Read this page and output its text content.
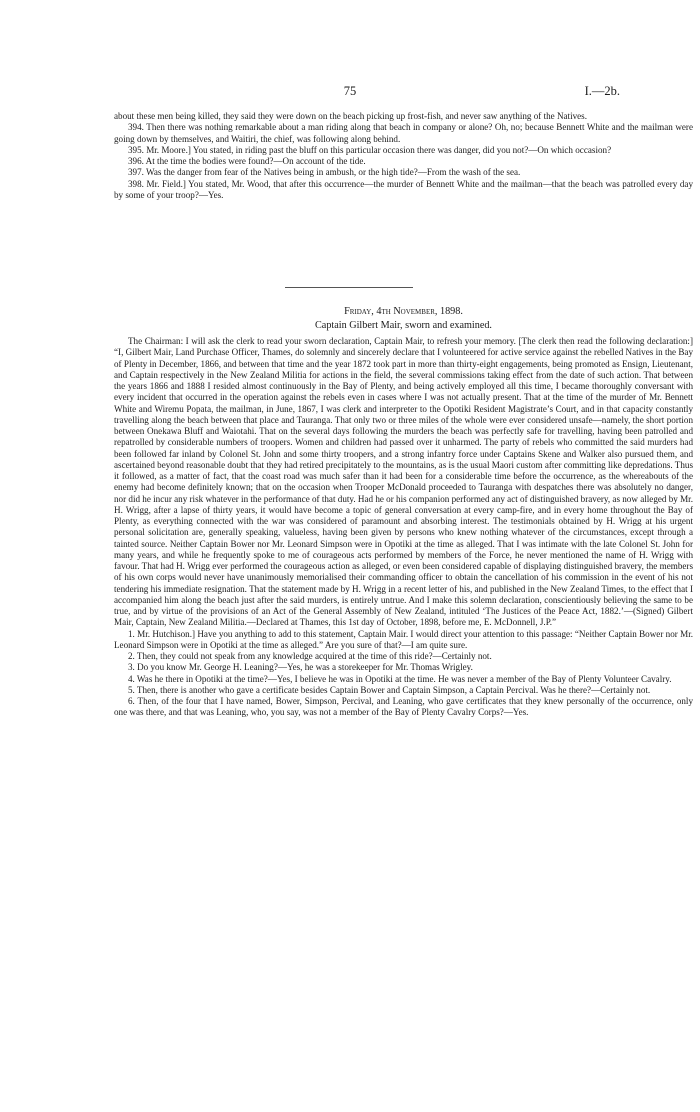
75	I.—2b.

about these men being killed, they said they were down on the beach picking up frost-fish, and never saw anything of the Natives.

394. Then there was nothing remarkable about a man riding along that beach in company or alone? Oh, no; because Bennett White and the mailman were going down by themselves, and Waitiri, the chief, was following along behind.

395. Mr. Moore.] You stated, in riding past the bluff on this particular occasion there was danger, did you not?—On which occasion?

396. At the time the bodies were found?—On account of the tide.

397. Was the danger from fear of the Natives being in ambush, or the high tide?—From the wash of the sea.

398. Mr. Field.] You stated, Mr. Wood, that after this occurrence—the murder of Bennett White and the mailman—that the beach was patrolled every day by some of your troop?—Yes.

Friday, 4th November, 1898.
Captain Gilbert Mair, sworn and examined.

The Chairman: I will ask the clerk to read your sworn declaration, Captain Mair, to refresh your memory. [The clerk then read the following declaration:] “I, Gilbert Mair, Land Purchase Officer, Thames, do solemnly and sincerely declare that I volunteered for active service against the rebelled Natives in the Bay of Plenty in December, 1866, and between that time and the year 1872 took part in more than thirty-eight engagements, being promoted as Ensign, Lieutenant, and Captain respectively in the New Zealand Militia for actions in the field, the several commissions taking effect from the date of such action. That between the years 1866 and 1888 I resided almost continuously in the Bay of Plenty, and being actively employed all this time, I became thoroughly conversant with every incident that occurred in the operation against the rebels even in cases where I was not actually present. That at the time of the murder of Mr. Bennett White and Wiremu Popata, the mailman, in June, 1867, I was clerk and interpreter to the Opotiki Resident Magistrate’s Court, and in that capacity constantly travelling along the beach between that place and Tauranga. That only two or three miles of the whole were ever considered unsafe—namely, the short portion between Onekawa Bluff and Waiotahi. That on the several days following the murders the beach was perfectly safe for travelling, having been patrolled and repatrolled by considerable numbers of troopers. Women and children had passed over it unharmed. The party of rebels who committed the said murders had been followed far inland by Colonel St. John and some thirty troopers, and a strong infantry force under Captains Skene and Walker also pursued them, and ascertained beyond reasonable doubt that they had retired precipitately to the mountains, as is the usual Maori custom after committing like depredations. Thus it followed, as a matter of fact, that the coast road was much safer than it had been for a considerable time before the occurrence, as the whereabouts of the enemy had become definitely known; that on the occasion when Trooper McDonald proceeded to Tauranga with despatches there was absolutely no danger, nor did he incur any risk whatever in the performance of that duty. Had he or his companion performed any act of distinguished bravery, as now alleged by Mr. H. Wrigg, after a lapse of thirty years, it would have become a topic of general conversation at every camp-fire, and in every home throughout the Bay of Plenty, as everything connected with the war was considered of paramount and absorbing interest. The testimonials obtained by H. Wrigg at his urgent personal solicitation are, generally speaking, valueless, having been given by persons who knew nothing whatever of the circumstances, except through a tainted source. Neither Captain Bower nor Mr. Leonard Simpson were in Opotiki at the time as alleged. That I was intimate with the late Colonel St. John for many years, and while he frequently spoke to me of courageous acts performed by members of the Force, he never mentioned the name of H. Wrigg with favour. That had H. Wrigg ever performed the courageous action as alleged, or even been considered capable of displaying distinguished bravery, the members of his own corps would never have unanimously memorialised their commanding officer to obtain the cancellation of his commission in the event of his not tendering his immediate resignation. That the statement made by H. Wrigg in a recent letter of his, and published in the New Zealand Times, to the effect that I accompanied him along the beach just after the said murders, is entirely untrue. And I make this solemn declaration, conscientiously believing the same to be true, and by virtue of the provisions of an Act of the General Assembly of New Zealand, intituled ‘The Justices of the Peace Act, 1882.’—(Signed) Gilbert Mair, Captain, New Zealand Militia.—Declared at Thames, this 1st day of October, 1898, before me, E. McDonnell, J.P.”

1. Mr. Hutchison.] Have you anything to add to this statement, Captain Mair. I would direct your attention to this passage: “Neither Captain Bower nor Mr. Leonard Simpson were in Opotiki at the time as alleged.” Are you sure of that?—I am quite sure.

2. Then, they could not speak from any knowledge acquired at the time of this ride?—Certainly not.

3. Do you know Mr. George H. Leaning?—Yes, he was a storekeeper for Mr. Thomas Wrigley.

4. Was he there in Opotiki at the time?—Yes, I believe he was in Opotiki at the time. He was never a member of the Bay of Plenty Volunteer Cavalry.

5. Then, there is another who gave a certificate besides Captain Bower and Captain Simpson, a Captain Percival. Was he there?—Certainly not.

6. Then, of the four that I have named, Bower, Simpson, Percival, and Leaning, who gave certificates that they knew personally of the occurrence, only one was there, and that was Leaning, who, you say, was not a member of the Bay of Plenty Cavalry Corps?—Yes.
